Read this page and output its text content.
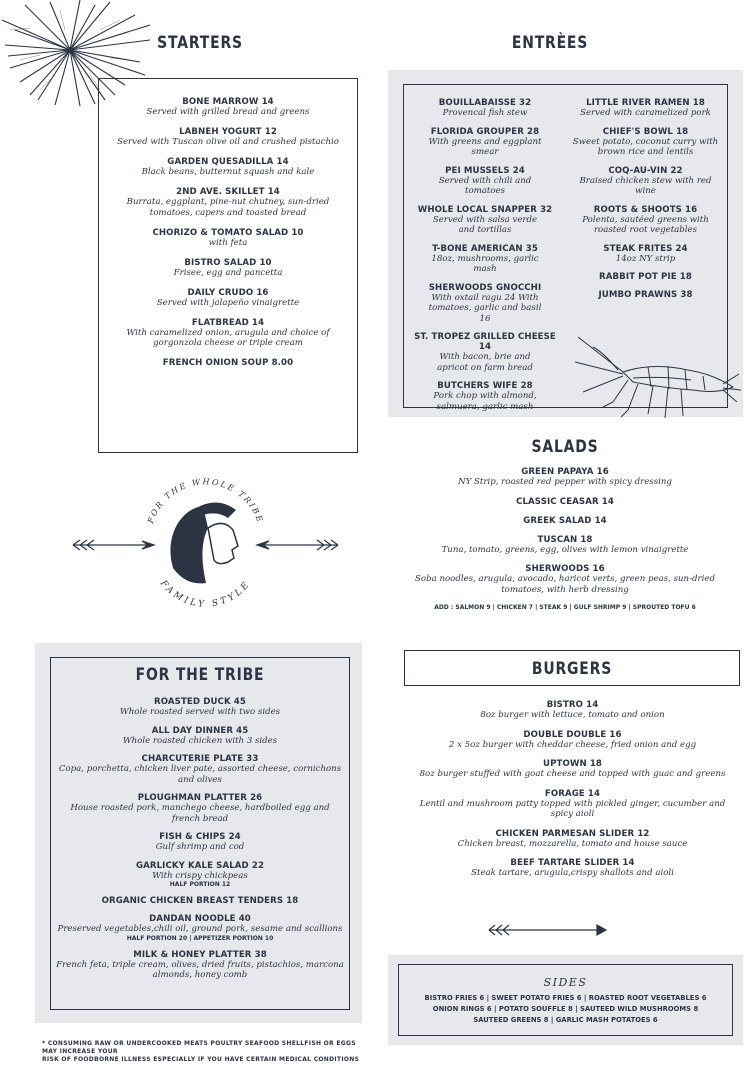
STARTERS
BONE MARROW 14
Served with grilled bread and greens
LABNEH YOGURT 12
Served with Tuscan olive oil and crushed pistachio
GARDEN QUESADILLA 14
Black beans, butternut squash and kale
2ND AVE. SKILLET 14
Burrata, eggplant, pine-nut chutney, sun-dried tomatoes, capers and toasted bread
CHORIZO & TOMATO SALAD 10
with feta
BISTRO SALAD 10
Frisee, egg and pancetta
DAILY CRUDO 16
Served with jalapeño vinaigrette
FLATBREAD 14
With caramelized onion, arugula and choice of gorgonzola cheese or triple cream
FRENCH ONION SOUP 8.00
ENTRÈES
BOUILLABAISSE 32
Provencal fish stew
FLORIDA GROUPER 28
With greens and eggplant smear
PEI MUSSELS 24
Served with chili and tomatoes
WHOLE LOCAL SNAPPER 32
Served with salsa verde and tortillas
T-BONE AMERICAN 35
18oz, mushrooms, garlic mash
SHERWOODS GNOCCHI
With oxtail ragu 24 With tomatoes, garlic and basil 16
ST. TROPEZ GRILLED CHEESE 14
With bacon, brie and apricot on farm bread
BUTCHERS WIFE 28
Pork chop with almond, salmuera, garlic mash
LITTLE RIVER RAMEN 18
Served with caramelized pork
CHIEF'S BOWL 18
Sweet potato, coconut curry with brown rice and lentils
COQ-AU-VIN 22
Braised chicken stew with red wine
ROOTS & SHOOTS 16
Polenta, sautéed greens with roasted root vegetables
STEAK FRITES 24
14oz NY strip
RABBIT POT PIE 18
JUMBO PRAWNS 38
FOR THE WHOLE TRIBE
FAMILY STYLE
SALADS
GREEN PAPAYA 16
NY Strip, roasted red pepper with spicy dressing
CLASSIC CEASAR 14
GREEK SALAD 14
TUSCAN 18
Tuna, tomato, greens, egg, olives with lemon vinaigrette
SHERWOODS 16
Soba noodles, arugula, avocado, haricot verts, green peas, sun-dried tomatoes, with herb dressing
ADD : SALMON 9 | CHICKEN 7 | STEAK 9 | GULF SHRIMP 9 | SPROUTED TOFU 6
FOR THE TRIBE
ROASTED DUCK 45
Whole roasted served with two sides
ALL DAY DINNER 45
Whole roasted chicken with 3 sides
CHARCUTERIE PLATE 33
Copa, porchetta, chicken liver pate, assorted cheese, cornichons and olives
PLOUGHMAN PLATTER 26
House roasted pork, manchego cheese, hardboiled egg and french bread
FISH & CHIPS 24
Gulf shrimp and cod
GARLICKY KALE SALAD 22
With crispy chickpeas
HALF PORTION 12
ORGANIC CHICKEN BREAST TENDERS 18
DANDAN NOODLE 40
Preserved vegetables,chili oil, ground pork, sesame and scallions
HALF PORTION 20 | APPETIZER PORTION 10
MILK & HONEY PLATTER 38
French feta, triple cream, olives, dried fruits, pistachios, marcona almonds, honey comb
BURGERS
BISTRO 14
8oz burger with lettuce, tomato and onion
DOUBLE DOUBLE 16
2 x 5oz burger with cheddar cheese, fried onion and egg
UPTOWN 18
8oz burger stuffed with goat cheese and topped with guac and greens
FORAGE 14
Lentil and mushroom patty topped with pickled ginger, cucumber and spicy aioli
CHICKEN PARMESAN SLIDER 12
Chicken breast, mozzarella, tomato and house sauce
BEEF TARTARE SLIDER 14
Steak tartare, arugula,crispy shallots and aioli
SIDES
BISTRO FRIES 6 | SWEET POTATO FRIES 6 | ROASTED ROOT VEGETABLES 6
ONION RINGS 6 | POTATO SOUFFLE 8 | SAUTEED WILD MUSHROOMS 8
SAUTEED GREENS 8 | GARLIC MASH POTATOES 6
* CONSUMING RAW OR UNDERCOOKED MEATS POULTRY SEAFOOD SHELLFISH OR EGGS MAY INCREASE YOUR
RISK OF FOODBORNE ILLNESS ESPECIALLY IF YOU HAVE CERTAIN MEDICAL CONDITIONS
